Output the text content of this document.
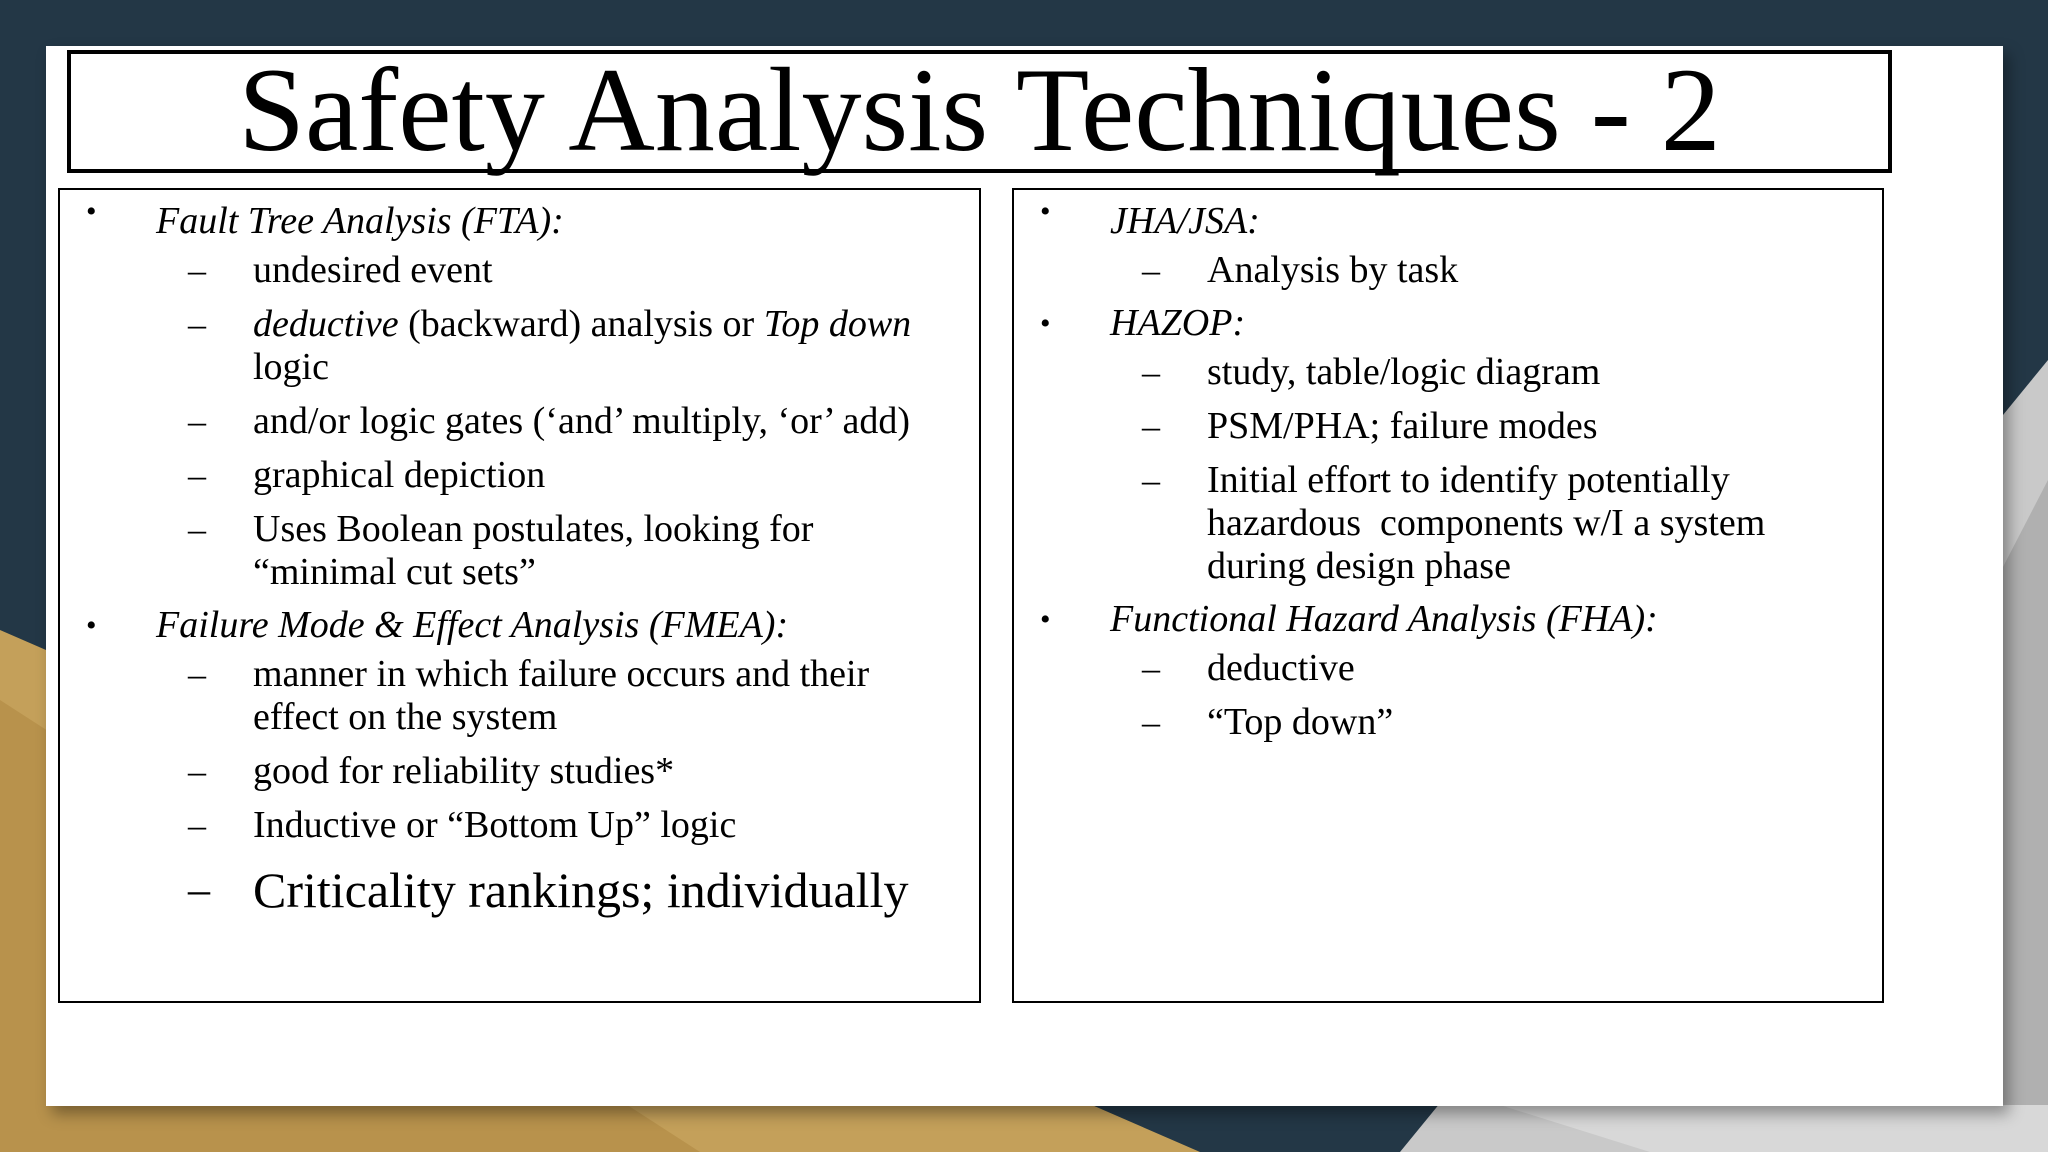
Safety Analysis Techniques - 2
• Fault Tree Analysis (FTA):
–	undesired event
–	deductive (backward) analysis or Top down logic
–	and/or logic gates (‘and’ multiply, ‘or’ add)
–	graphical depiction
–	Uses Boolean postulates, looking for “minimal cut sets”
• Failure Mode & Effect Analysis (FMEA):
–	manner in which failure occurs and their effect on the system
–	good for reliability studies*
–	Inductive or “Bottom Up” logic
– Criticality rankings; individually
• JHA/JSA:
–	Analysis by task
• HAZOP:
–	study, table/logic diagram
–	PSM/PHA; failure modes
–	Initial effort to identify potentially hazardous  components w/I a system during design phase
• Functional Hazard Analysis (FHA):
–	deductive
–	“Top down”
